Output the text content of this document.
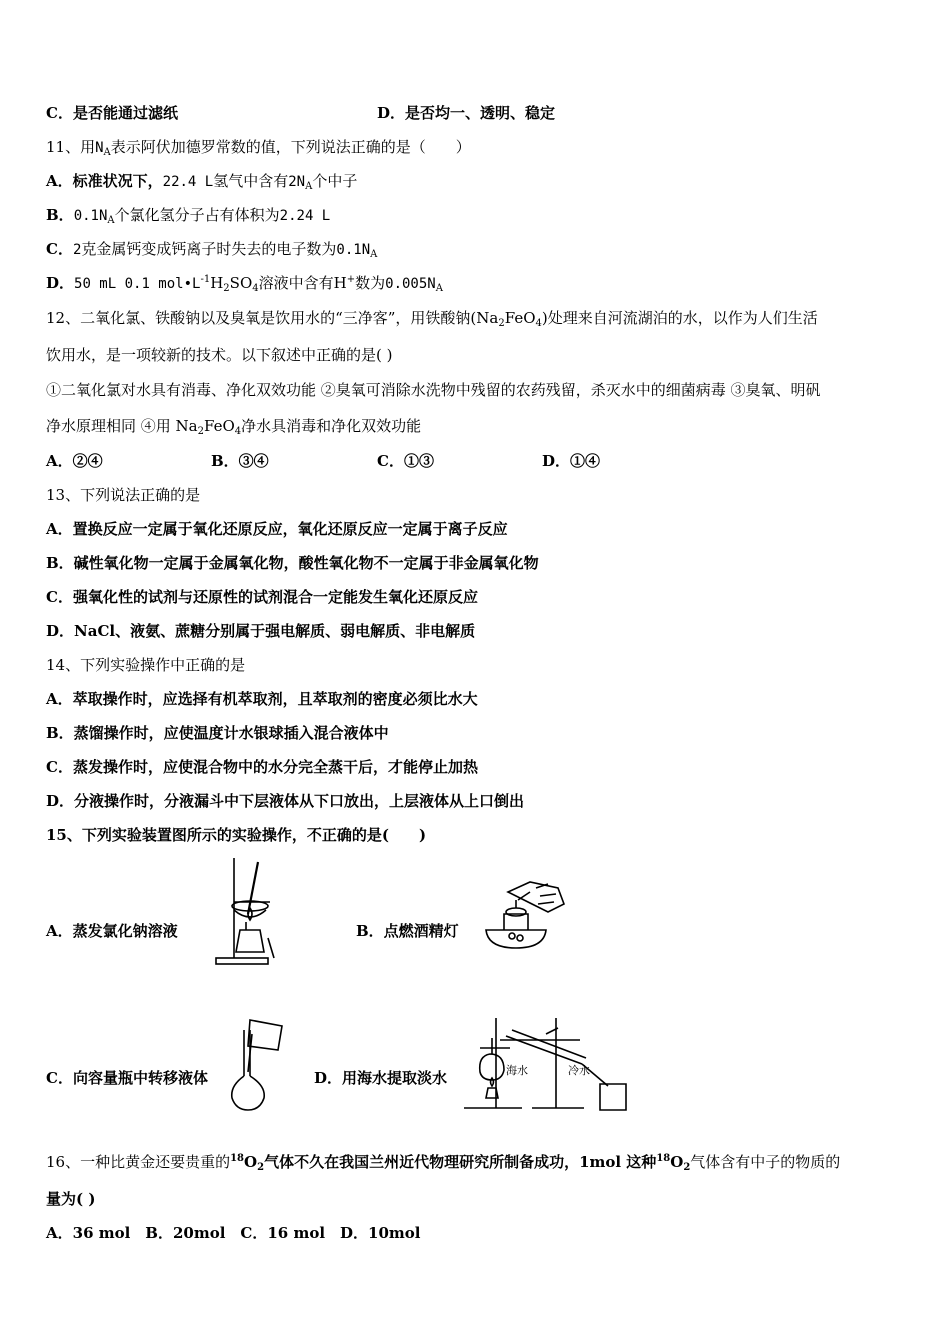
C．是否能通过滤纸	D．是否均一、透明、稳定
11、用$N_A$表示阿伏加德罗常数的值，下列说法正确的是（　　）
A．标准状况下，22.4 L氢气中含有$2N_A$个中子
B．$0.1N_A$个氯化氢分子占有体积为2.24 L
C．2克金属钙变成钙离子时失去的电子数为$0.1N_A$
D．50 mL 0.1 $mol•L^{-1}H_2SO_4$溶液中含有H+数为$0.005N_A$
12、二氧化氯、铁酸钠以及臭氧是饮用水的“三净客”，用铁酸钠$(Na_2FeO_4)$处理来自河流湖泊的水，以作为人们生活
饮用水，是一项较新的技术。以下叙述中正确的是( )
①二氧化氯对水具有消毒、净化双效功能 ②臭氧可消除水洗物中残留的农药残留，杀灭水中的细菌病毒 ③臭氧、明矾
净水原理相同 ④用 $Na_2FeO_4$净水具消毒和净化双效功能
A．②④	B．③④	C．①③	D．①④
13、下列说法正确的是
A．置换反应一定属于氧化还原反应，氧化还原反应一定属于离子反应
B．碱性氧化物一定属于金属氧化物，酸性氧化物不一定属于非金属氧化物
C．强氧化性的试剂与还原性的试剂混合一定能发生氧化还原反应
D．NaCl、液氨、蔗糖分别属于强电解质、弱电解质、非电解质
14、下列实验操作中正确的是
A．萃取操作时，应选择有机萃取剂，且萃取剂的密度必须比水大
B．蒸馏操作时，应使温度计水银球插入混合液体中
C．蒸发操作时，应使混合物中的水分完全蒸干后，才能停止加热
D．分液操作时，分液漏斗中下层液体从下口放出，上层液体从上口倒出
15、下列实验装置图所示的实验操作，不正确的是(　　)
A．蒸发氯化钠溶液	B．点燃酒精灯
C．向容量瓶中转移液体	D．用海水提取淡水	海水	冷水
16、一种比黄金还要贵重的$^{18}O_2$气体不久在我国兰州近代物理研究所制备成功，1mol 这种$^{18}O_2$气体含有中子的物质的
量为( )
A．36 mol　B．20mol　C．16 mol　D．10mol
